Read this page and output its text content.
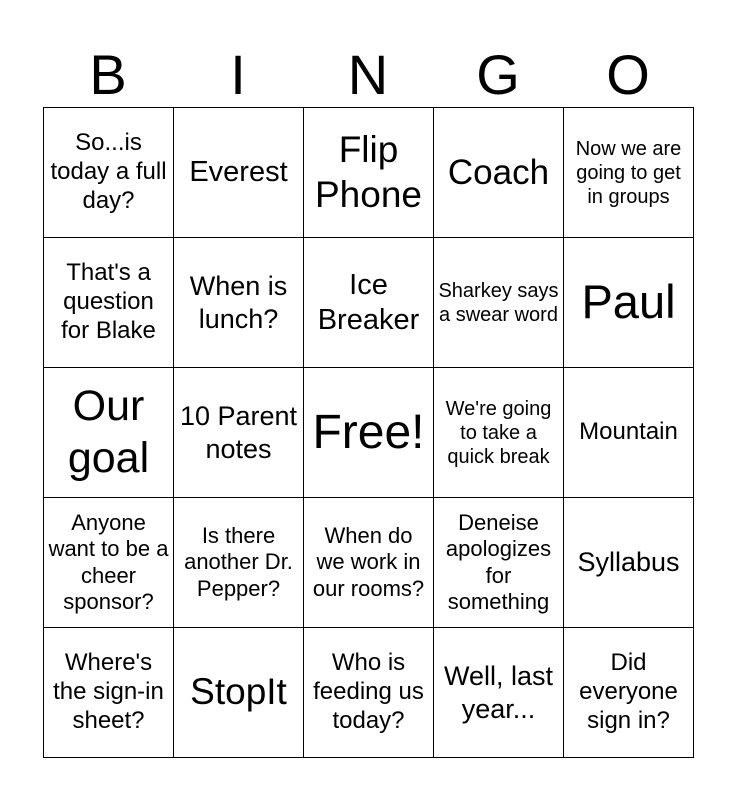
B	I	N	G	O
So...is today a full day?	Everest	Flip Phone	Coach	Now we are going to get in groups
That's a question for Blake	When is lunch?	Ice Breaker	Sharkey says a swear word	Paul
Our goal	10 Parent notes	Free!	We're going to take a quick break	Mountain
Anyone want to be a cheer sponsor?	Is there another Dr. Pepper?	When do we work in our rooms?	Deneise apologizes for something	Syllabus
Where's the sign-in sheet?	StopIt	Who is feeding us today?	Well, last year...	Did everyone sign in?
